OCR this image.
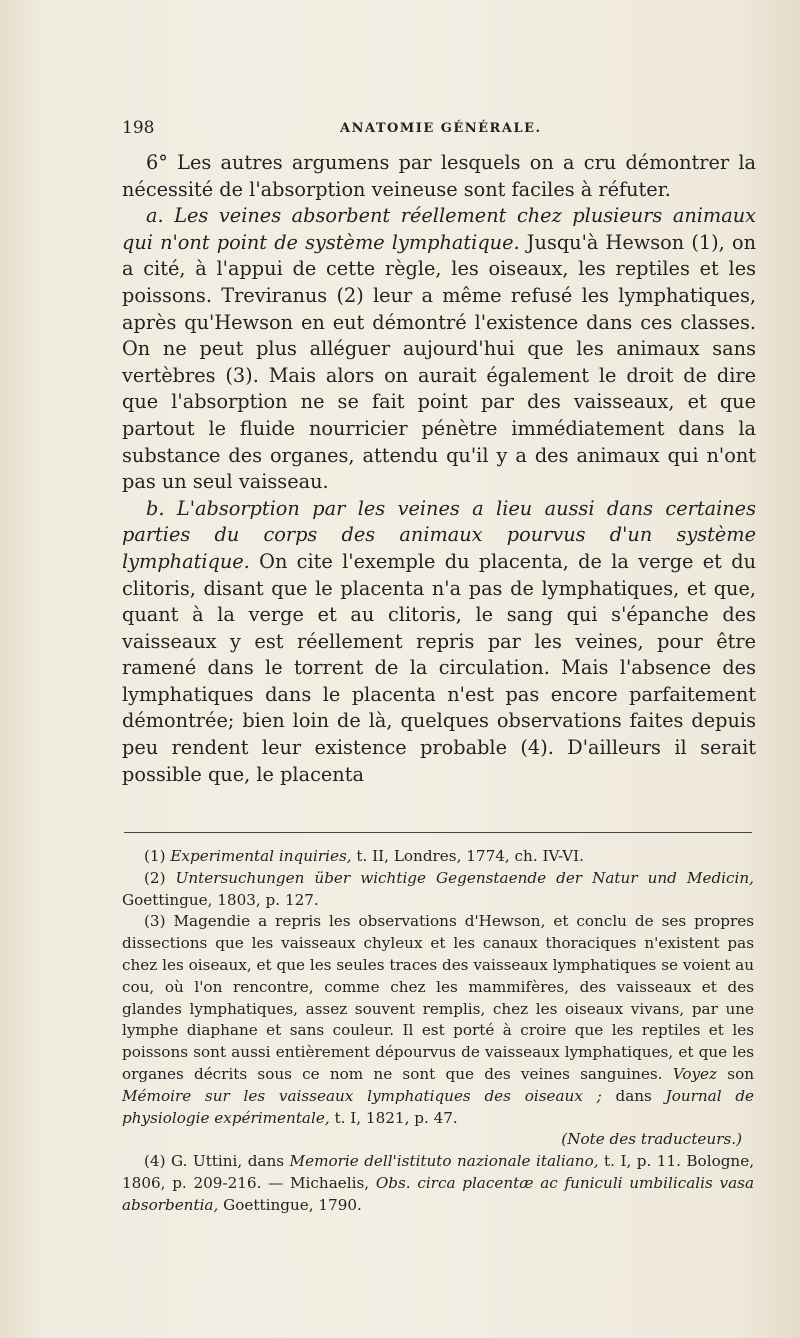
198	ANATOMIE GÉNÉRALE.

6° Les autres argumens par lesquels on a cru démontrer la nécessité de l'absorption veineuse sont faciles à réfuter.

a. Les veines absorbent réellement chez plusieurs animaux qui n'ont point de système lymphatique. Jusqu'à Hewson (1), on a cité, à l'appui de cette règle, les oiseaux, les reptiles et les poissons. Treviranus (2) leur a même refusé les lymphatiques, après qu'Hewson en eut démontré l'existence dans ces classes. On ne peut plus alléguer aujourd'hui que les animaux sans vertèbres (3). Mais alors on aurait également le droit de dire que l'absorption ne se fait point par des vaisseaux, et que partout le fluide nourricier pénètre immédiatement dans la substance des organes, attendu qu'il y a des animaux qui n'ont pas un seul vaisseau.

b. L'absorption par les veines a lieu aussi dans certaines parties du corps des animaux pourvus d'un système lymphatique. On cite l'exemple du placenta, de la verge et du clitoris, disant que le placenta n'a pas de lymphatiques, et que, quant à la verge et au clitoris, le sang qui s'épanche des vaisseaux y est réellement repris par les veines, pour être ramené dans le torrent de la circulation. Mais l'absence des lymphatiques dans le placenta n'est pas encore parfaitement démontrée; bien loin de là, quelques observations faites depuis peu rendent leur existence probable (4). D'ailleurs il serait possible que, le placenta

(1) Experimental inquiries, t. II, Londres, 1774, ch. IV-VI.

(2) Untersuchungen über wichtige Gegenstaende der Natur und Medicin, Goettingue, 1803, p. 127.

(3) Magendie a repris les observations d'Hewson, et conclu de ses propres dissections que les vaisseaux chyleux et les canaux thoraciques n'existent pas chez les oiseaux, et que les seules traces des vaisseaux lymphatiques se voient au cou, où l'on rencontre, comme chez les mammifères, des vaisseaux et des glandes lymphatiques, assez souvent remplis, chez les oiseaux vivans, par une lymphe diaphane et sans couleur. Il est porté à croire que les reptiles et les poissons sont aussi entièrement dépourvus de vaisseaux lymphatiques, et que les organes décrits sous ce nom ne sont que des veines sanguines. Voyez son Mémoire sur les vaisseaux lymphatiques des oiseaux ; dans Journal de physiologie expérimentale, t. I, 1821, p. 47.

(Note des traducteurs.)

(4) G. Uttini, dans Memorie dell'istituto nazionale italiano, t. I, p. 11. Bologne, 1806, p. 209-216. — Michaelis, Obs. circa placentæ ac funiculi umbilicalis vasa absorbentia, Goettingue, 1790.
